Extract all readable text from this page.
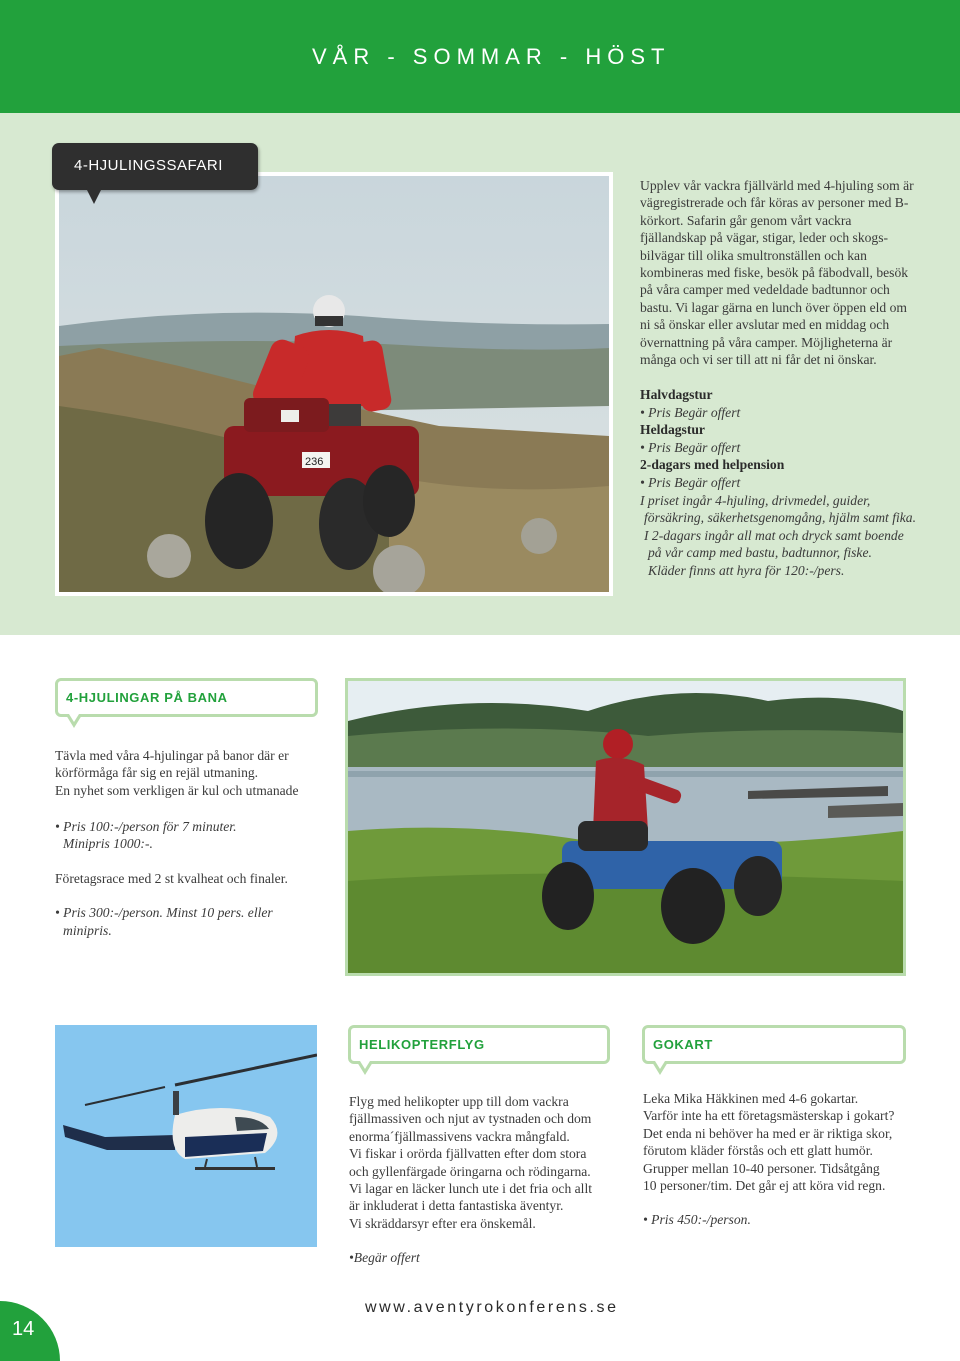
VÅR - SOMMAR - HÖST
236
4-HJULINGSSAFARI

Upplev vår vackra fjällvärld med 4-hjuling som är vägregistrerade och får köras av personer med B-körkort. Safarin går genom vårt vackra fjällandskap på vägar, stigar, leder och skogs-bilvägar till olika smultronställen och kan kombineras med fiske, besök på fäbodvall, besök på våra camper med vedeldade badtunnor och bastu. Vi lagar gärna en lunch över öppen eld om ni så önskar eller avslutar med en middag och övernattning på våra camper. Möjligheterna är många och vi ser till att ni får det ni önskar.

Halvdagstur
• Pris Begär offert
Heldagstur
• Pris Begär offert
2-dagars med helpension
• Pris Begär offert
I priset ingår 4-hjuling, drivmedel, guider,
försäkring, säkerhetsgenomgång, hjälm samt fika.
I 2-dagars ingår all mat och dryck samt boende
på vår camp med bastu, badtunnor, fiske.
Kläder finns att hyra för 120:-/pers.
4-HJULINGAR PÅ BANA
Tävla med våra 4-hjulingar på banor där er
körförmåga får sig en rejäl utmaning.
En nyhet som verkligen är kul och utmanade
• Pris 100:-/person för 7 minuter.
Minipris 1000:-.
Företagsrace med 2 st kvalheat och finaler.
• Pris 300:-/person. Minst 10 pers. eller
minipris.
HELIKOPTERFLYG	GOKART
Flyg med helikopter upp till dom vackra
fjällmassiven och njut av tystnaden och dom
enorma´fjällmassivens vackra mångfald.
Vi fiskar i orörda fjällvatten efter dom stora
och gyllenfärgade öringarna och rödingarna.
Vi lagar en läcker lunch ute i det fria och allt
är inkluderat i detta fantastiska äventyr.
Vi skräddarsyr efter era önskemål.
•Begär offert
Leka Mika Häkkinen med 4-6 gokartar.
Varför inte ha ett företagsmästerskap i gokart?
Det enda ni behöver ha med er är riktiga skor,
förutom kläder förstås och ett glatt humör.
Grupper mellan 10-40 personer. Tidsåtgång
10 personer/tim. Det går ej att köra vid regn.
• Pris 450:-/person.
14
www.aventyrokonferens.se
